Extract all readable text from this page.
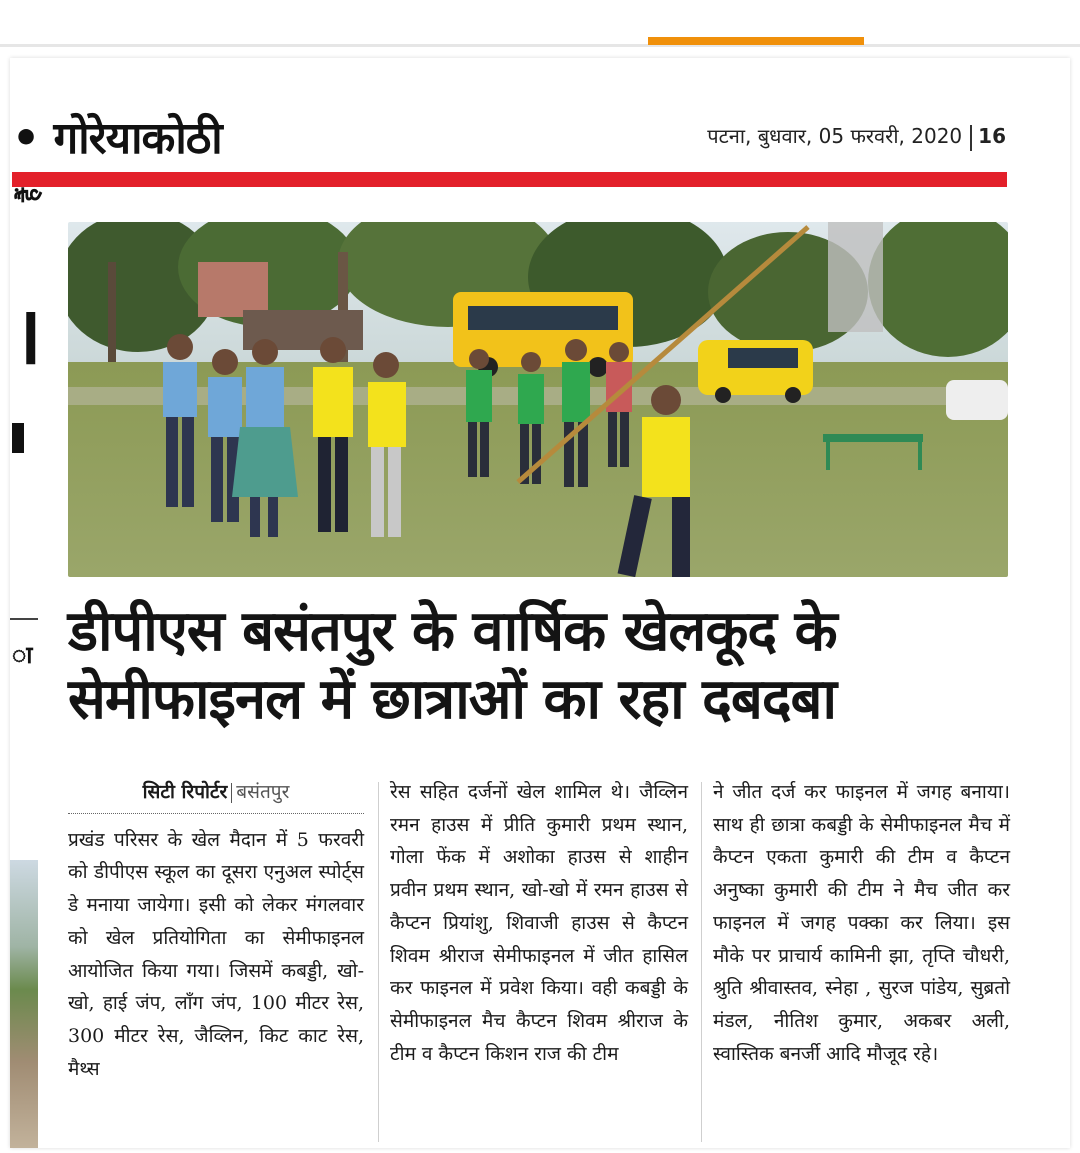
हैं
।
ा
• गोरेयाकोठी	पटना, बुधवार, 05 फरवरी, 2020 16
डीपीएस बसंतपुर के वार्षिक खेलकूद के सेमीफाइनल में छात्राओं का रहा दबदबा
सिटी रिपोर्टर बसंतपुर
प्रखंड परिसर के खेल मैदान में 5 फरवरी को डीपीएस स्कूल का दूसरा एनुअल स्पोर्ट्स डे मनाया जायेगा। इसी को लेकर मंगलवार को खेल प्रतियोगिता का सेमीफाइनल आयोजित किया गया। जिसमें कबड्डी, खो-खो, हाई जंप, लॉंग जंप, 100 मीटर रेस, 300 मीटर रेस, जैव्लिन, किट काट रेस, मैथ्स
रेस सहित दर्जनों खेल शामिल थे। जैव्लिन रमन हाउस में प्रीति कुमारी प्रथम स्थान, गोला फेंक में अशोका हाउस से शाहीन प्रवीन प्रथम स्थान, खो-खो में रमन हाउस से कैप्टन प्रियांशु, शिवाजी हाउस से कैप्टन शिवम श्रीराज सेमीफाइनल में जीत हासिल कर फाइनल में प्रवेश किया। वही कबड्डी के सेमीफाइनल मैच कैप्टन शिवम श्रीराज के टीम व कैप्टन किशन राज की टीम
ने जीत दर्ज कर फाइनल में जगह बनाया। साथ ही छात्रा कबड्डी के सेमीफाइनल मैच में कैप्टन एकता कुमारी की टीम व कैप्टन अनुष्का कुमारी की टीम ने मैच जीत कर फाइनल में जगह पक्का कर लिया। इस मौके पर प्राचार्य कामिनी झा, तृप्ति चौधरी, श्रुति श्रीवास्तव, स्नेहा , सुरज पांडेय, सुब्रतो मंडल, नीतिश कुमार, अकबर अली, स्वास्तिक बनर्जी आदि मौजूद रहे।
